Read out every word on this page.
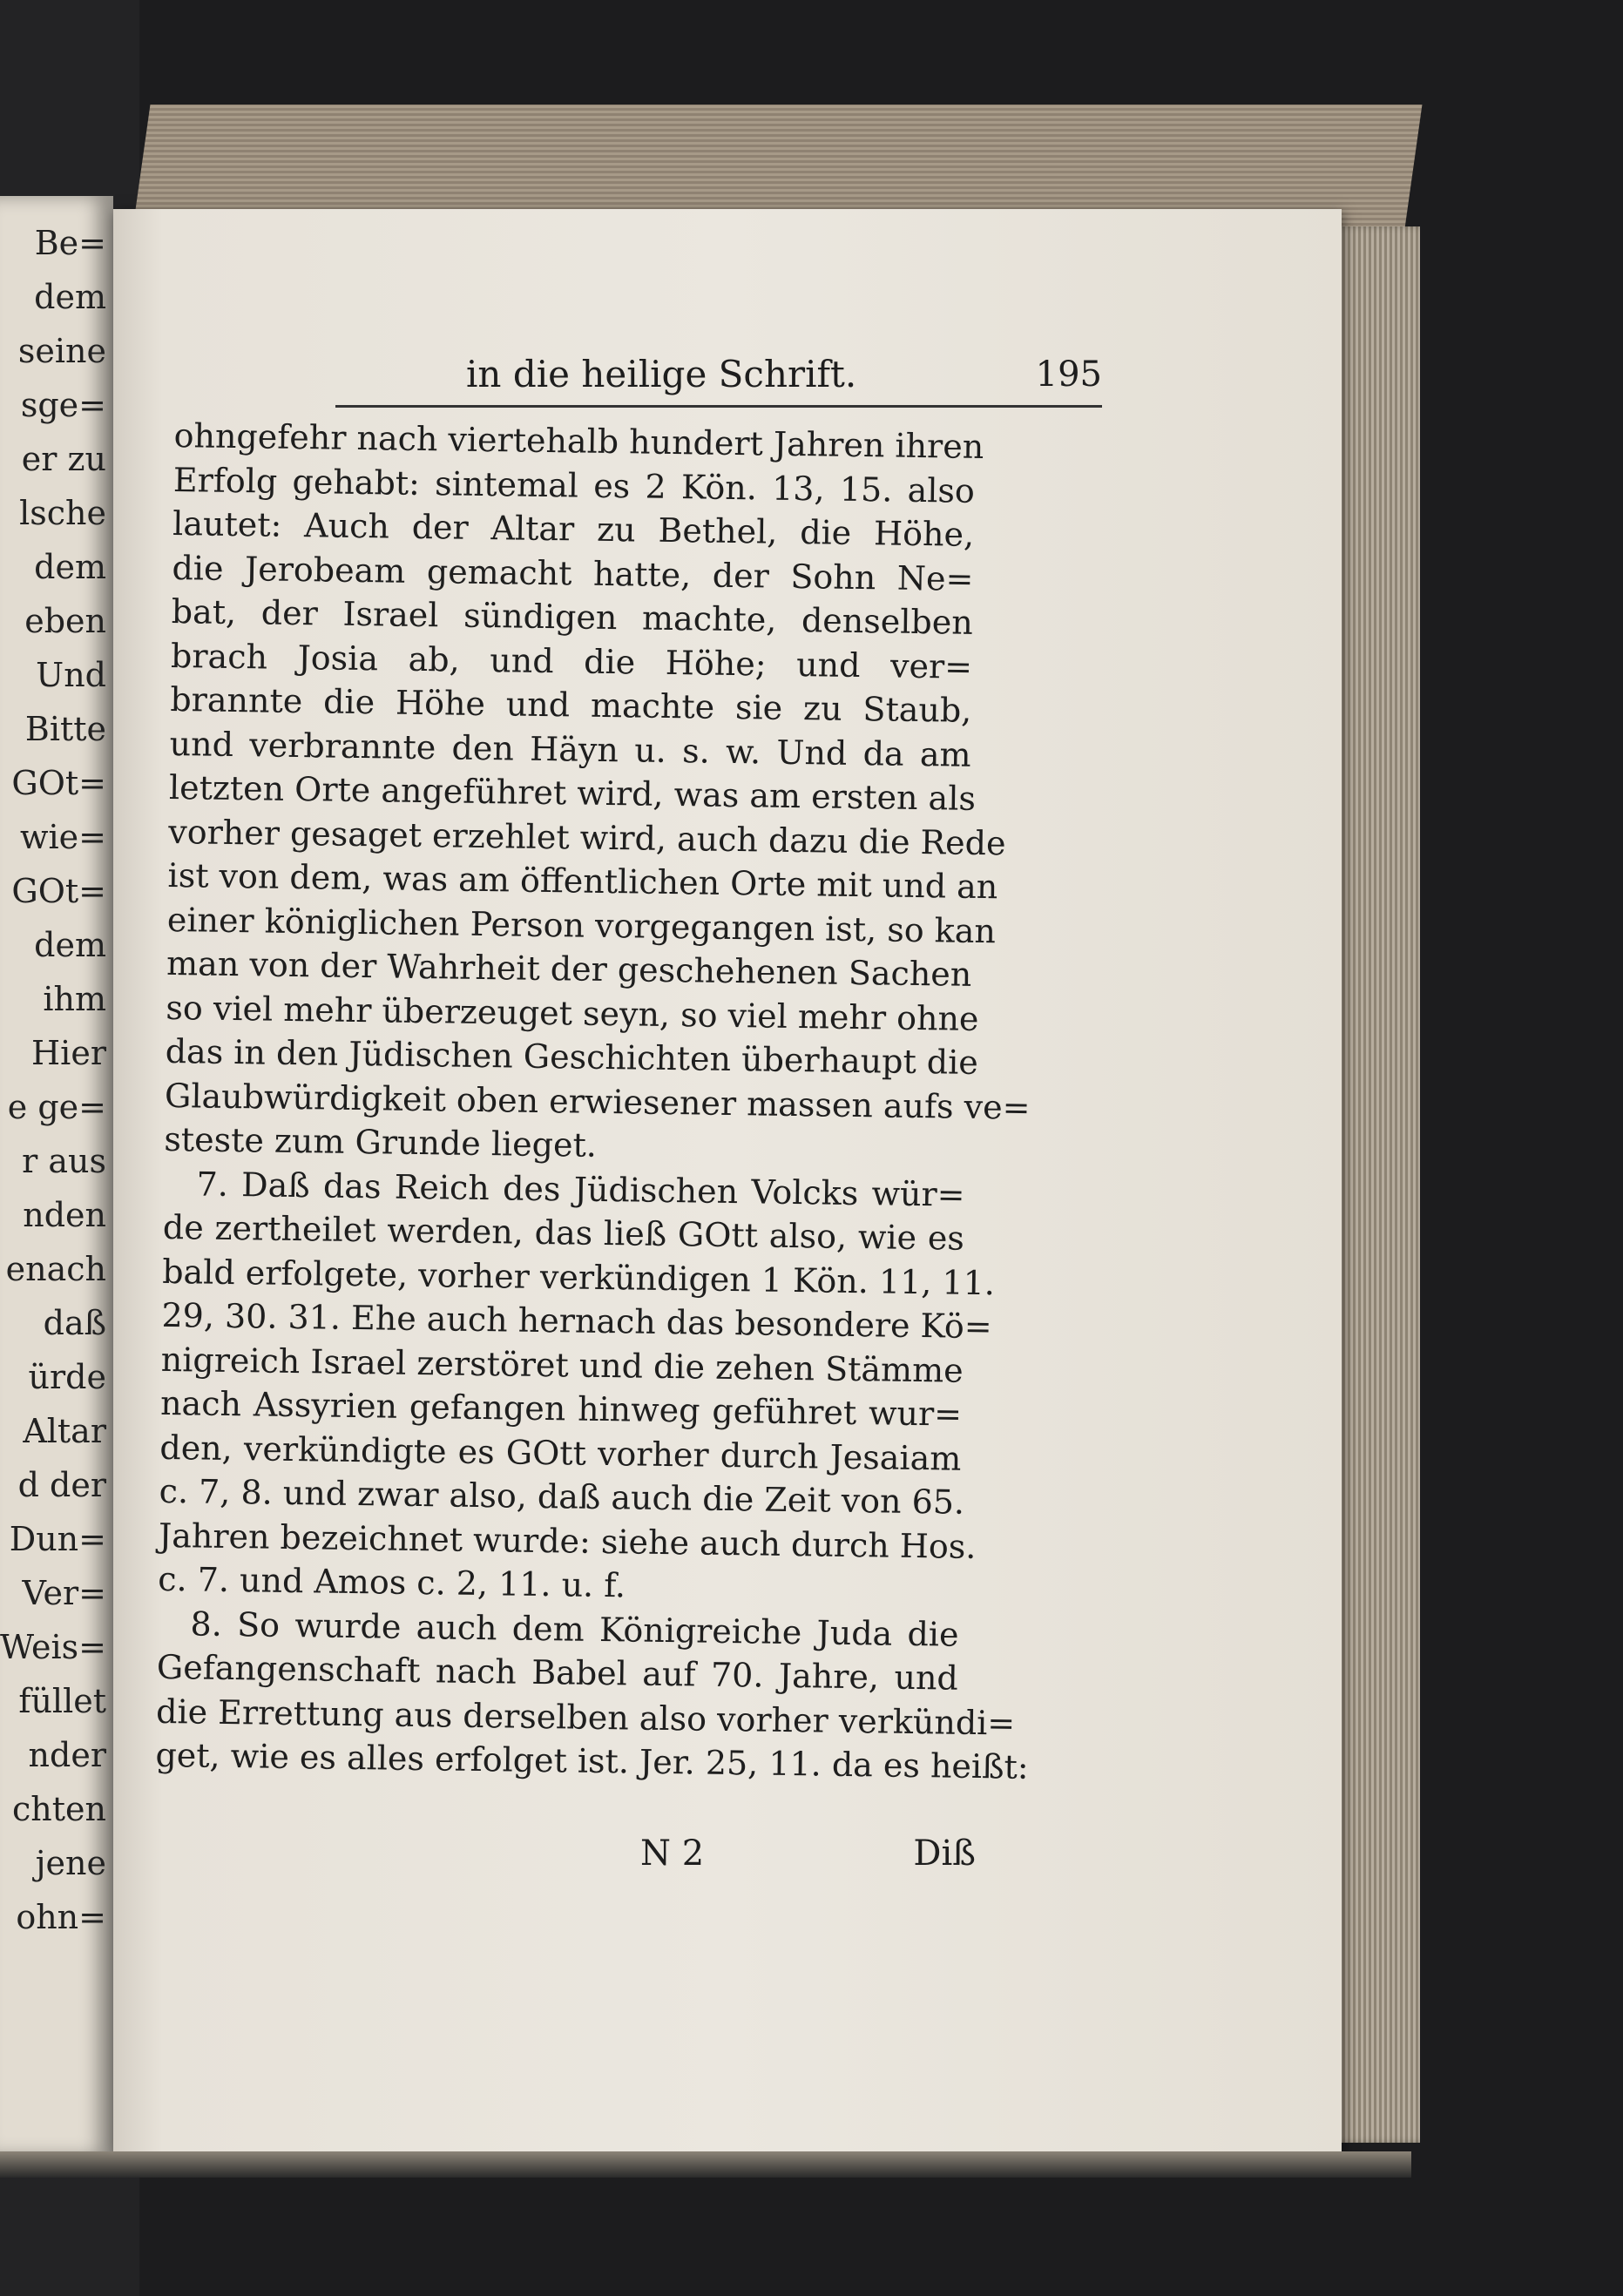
Be=
dem
seine
sge=
er zu
lsche
dem
eben
Und
Bitte
GOt=
wie=
GOt=
dem
ihm
Hier
e ge=
r aus
nden
enach
daß
ürde
Altar
d der
Dun=
Ver=
Weis=
füllet
nder
chten
jene
ohn=
in die heilige Schrift.	195
ohngefehr nach viertehalb hundert Jahren ihren
Erfolg gehabt: sintemal es 2 Kön. 13, 15. also
lautet: Auch der Altar zu Bethel, die Höhe,
die Jerobeam gemacht hatte, der Sohn Ne=
bat, der Israel sündigen machte, denselben
brach Josia ab, und die Höhe; und ver=
brannte die Höhe und machte sie zu Staub,
und verbrannte den Häyn u. s. w. Und da am
letzten Orte angeführet wird, was am ersten als
vorher gesaget erzehlet wird, auch dazu die Rede
ist von dem, was am öffentlichen Orte mit und an
einer königlichen Person vorgegangen ist, so kan
man von der Wahrheit der geschehenen Sachen
so viel mehr überzeuget seyn, so viel mehr ohne
das in den Jüdischen Geschichten überhaupt die
Glaubwürdigkeit oben erwiesener massen aufs ve=
steste zum Grunde lieget.
7. Daß das Reich des Jüdischen Volcks wür=
de zertheilet werden, das ließ GOtt also, wie es
bald erfolgete, vorher verkündigen 1 Kön. 11, 11.
29, 30. 31. Ehe auch hernach das besondere Kö=
nigreich Israel zerstöret und die zehen Stämme
nach Assyrien gefangen hinweg geführet wur=
den, verkündigte es GOtt vorher durch Jesaiam
c. 7, 8. und zwar also, daß auch die Zeit von 65.
Jahren bezeichnet wurde: siehe auch durch Hos.
c. 7. und Amos c. 2, 11. u. f.
8. So wurde auch dem Königreiche Juda die
Gefangenschaft nach Babel auf 70. Jahre, und
die Errettung aus derselben also vorher verkündi=
get, wie es alles erfolget ist. Jer. 25, 11. da es heißt:
N 2	Diß
